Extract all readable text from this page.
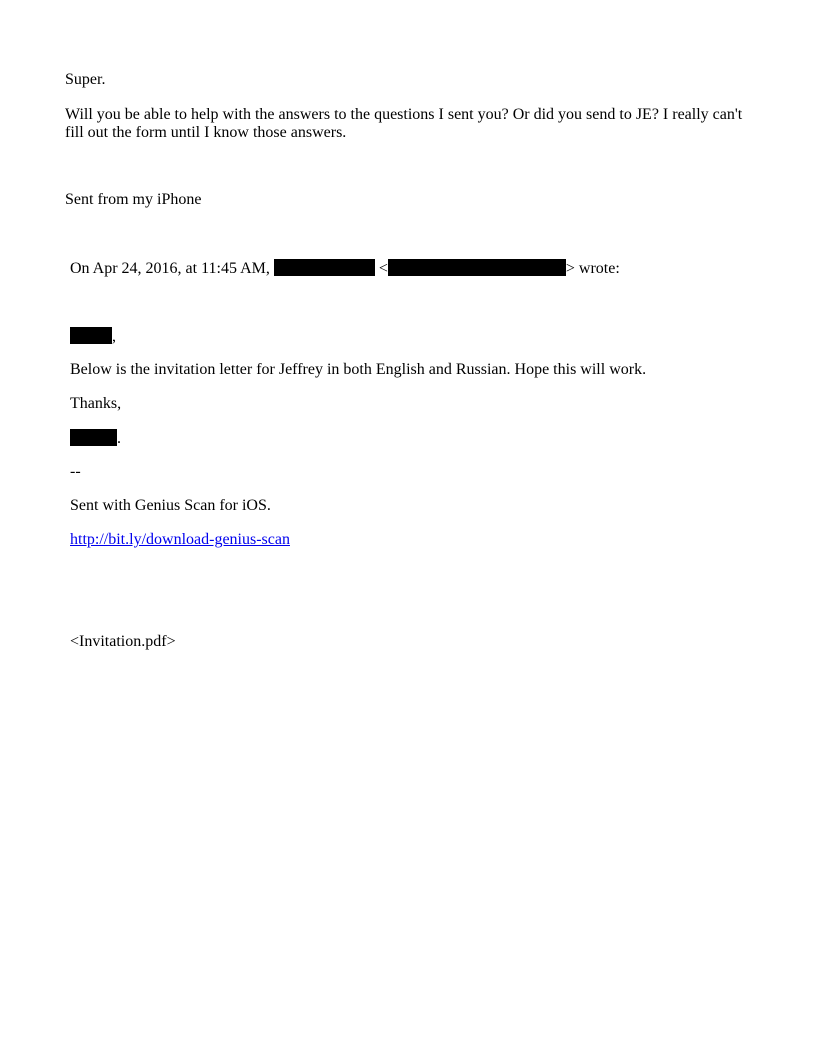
Super.
Will you be able to help with the answers to the questions I sent you? Or did you send to JE? I really can't
fill out the form until I know those answers.
Sent from my iPhone
On Apr 24, 2016, at 11:45 AM,	<	> wrote:
,
Below is the invitation letter for Jeffrey in both English and Russian. Hope this will work.
Thanks,
.
--
Sent with Genius Scan for iOS.
http://bit.ly/download-genius-scan
<Invitation.pdf>
